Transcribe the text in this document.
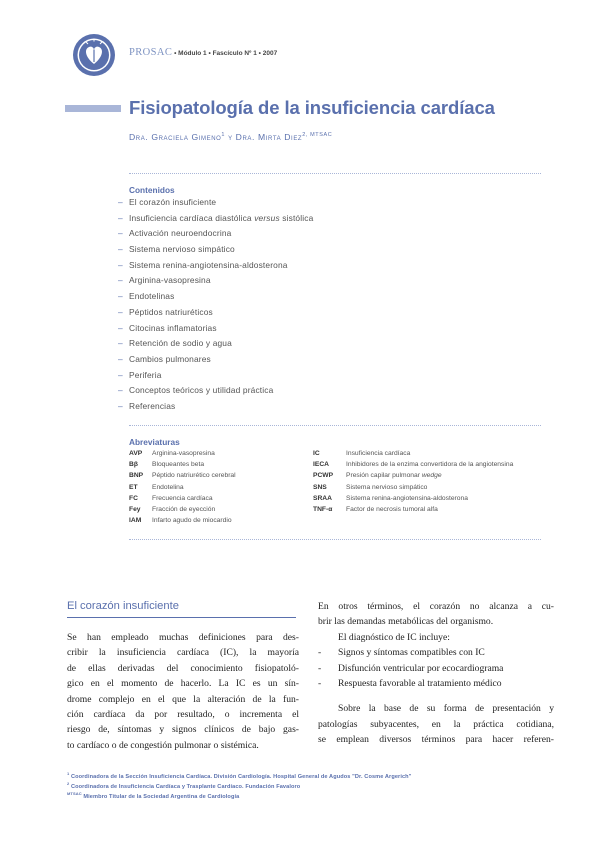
PROSAC • Módulo 1 • Fascículo Nº 1 • 2007
Fisiopatología de la insuficiencia cardíaca
Dra. Graciela Gimeno$^1$ y Dra. Mirta Diez$^{2, MTSAC}$
Contenidos
– El corazón insuficiente
– Insuficiencia cardíaca diastólica versus sistólica
– Activación neuroendocrina
– Sistema nervioso simpático
– Sistema renina-angiotensina-aldosterona
– Arginina-vasopresina
– Endotelinas
– Péptidos natriuréticos
– Citocinas inflamatorias
– Retención de sodio y agua
– Cambios pulmonares
– Periferia
– Conceptos teóricos y utilidad práctica
– Referencias
Abreviaturas
AVP Arginina-vasopresina
Bβ Bloqueantes beta
BNP Péptido natriurético cerebral
ET Endotelina
FC Frecuencia cardíaca
Fey Fracción de eyección
IAM Infarto agudo de miocardio
IC	Insuficiencia cardíaca
IECA	Inhibidores de la enzima convertidora de la angiotensina
PCWP Presión capilar pulmonar wedge
SNS	Sistema nervioso simpático
SRAA Sistema renina-angiotensina-aldosterona
TNF-α Factor de necrosis tumoral alfa
El corazón insuficiente
Se han empleado muchas definiciones para des-
cribir la insuficiencia cardíaca (IC), la mayoría
de ellas derivadas del conocimiento fisiopatoló-
gico en el momento de hacerlo. La IC es un sín-
drome complejo en el que la alteración de la fun-
ción cardíaca da por resultado, o incrementa el
riesgo de, síntomas y signos clínicos de bajo gas-
to cardíaco o de congestión pulmonar o sistémica.
En otros términos, el corazón no alcanza a cu-
brir las demandas metabólicas del organismo.
El diagnóstico de IC incluye:
- Signos y síntomas compatibles con IC
- Disfunción ventricular por ecocardiograma
- Respuesta favorable al tratamiento médico
Sobre la base de su forma de presentación y
patologías subyacentes, en la práctica cotidiana,
se emplean diversos términos para hacer referen-
$^1$ Coordinadora de la Sección Insuficiencia Cardíaca. División Cardiología. Hospital General de Agudos "Dr. Cosme Argerich"
$^2$ Coordinadora de Insuficiencia Cardíaca y Trasplante Cardíaco. Fundación Favaloro
$^{MTSAC}$ Miembro Titular de la Sociedad Argentina de Cardiología
